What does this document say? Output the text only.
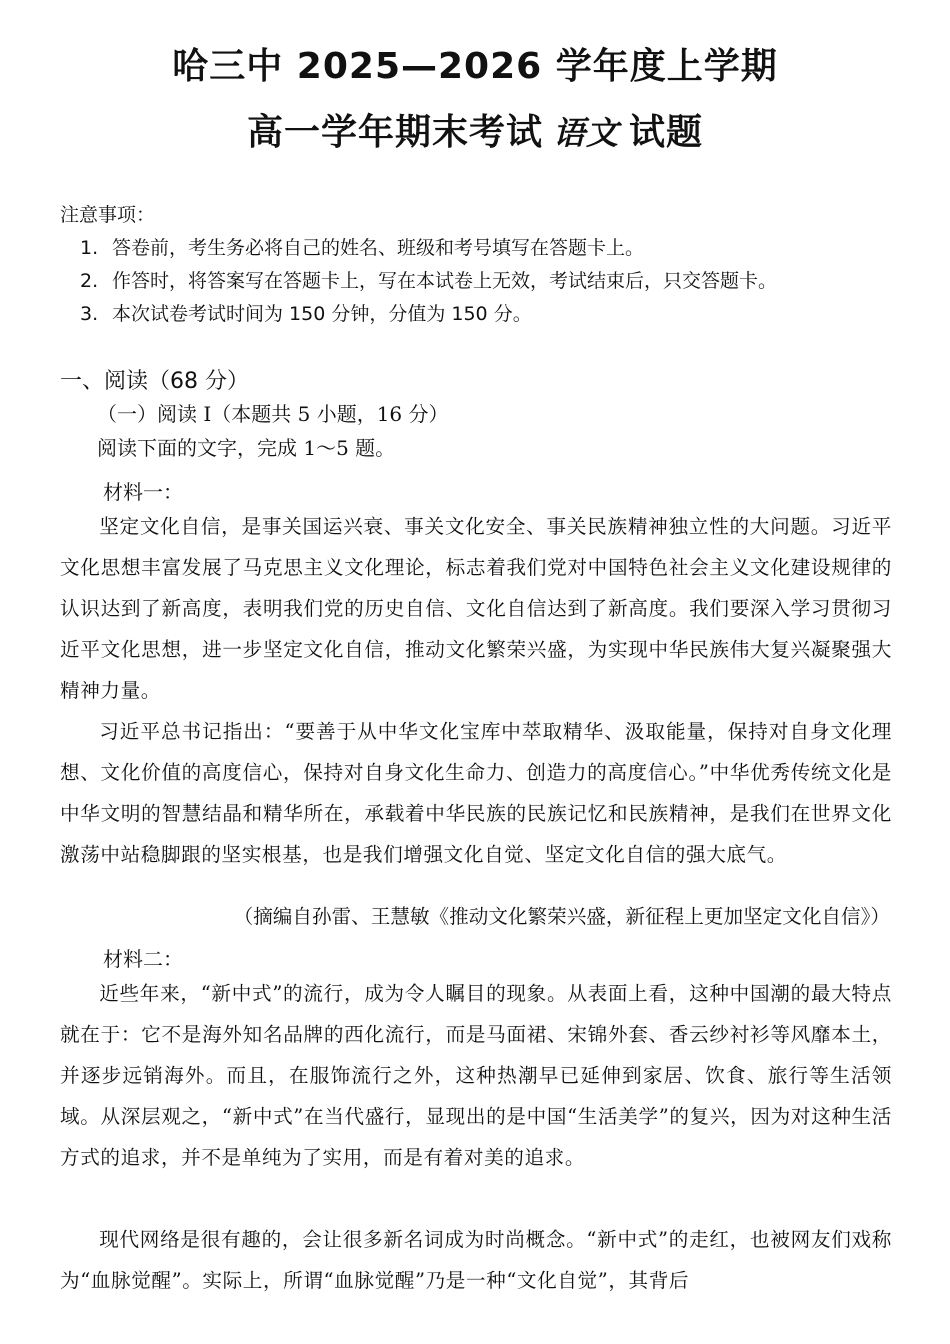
哈三中 2025—2026 学年度上学期
高一学年期末考试 语文 试题
注意事项：
1. 答卷前，考生务必将自己的姓名、班级和考号填写在答题卡上。
2. 作答时，将答案写在答题卡上，写在本试卷上无效，考试结束后，只交答题卡。
3. 本次试卷考试时间为 150 分钟，分值为 150 分。
一、阅读（68 分）
（一）阅读 I（本题共 5 小题，16 分）
阅读下面的文字，完成 1～5 题。
材料一：
坚定文化自信，是事关国运兴衰、事关文化安全、事关民族精神独立性的大问题。习近平文化思想丰富发展了马克思主义文化理论，标志着我们党对中国特色社会主义文化建设规律的认识达到了新高度，表明我们党的历史自信、文化自信达到了新高度。我们要深入学习贯彻习近平文化思想，进一步坚定文化自信，推动文化繁荣兴盛，为实现中华民族伟大复兴凝聚强大精神力量。
习近平总书记指出：“要善于从中华文化宝库中萃取精华、汲取能量，保持对自身文化理想、文化价值的高度信心，保持对自身文化生命力、创造力的高度信心。”中华优秀传统文化是中华文明的智慧结晶和精华所在，承载着中华民族的民族记忆和民族精神，是我们在世界文化激荡中站稳脚跟的坚实根基，也是我们增强文化自觉、坚定文化自信的强大底气。
（摘编自孙雷、王慧敏《推动文化繁荣兴盛，新征程上更加坚定文化自信》）
材料二：
近些年来，“新中式”的流行，成为令人瞩目的现象。从表面上看，这种中国潮的最大特点就在于：它不是海外知名品牌的西化流行，而是马面裙、宋锦外套、香云纱衬衫等风靡本土，并逐步远销海外。而且，在服饰流行之外，这种热潮早已延伸到家居、饮食、旅行等生活领域。从深层观之，“新中式”在当代盛行，显现出的是中国“生活美学”的复兴，因为对这种生活方式的追求，并不是单纯为了实用，而是有着对美的追求。
现代网络是很有趣的，会让很多新名词成为时尚概念。“新中式”的走红，也被网友们戏称为“血脉觉醒”。实际上，所谓“血脉觉醒”乃是一种“文化自觉”，其背后
